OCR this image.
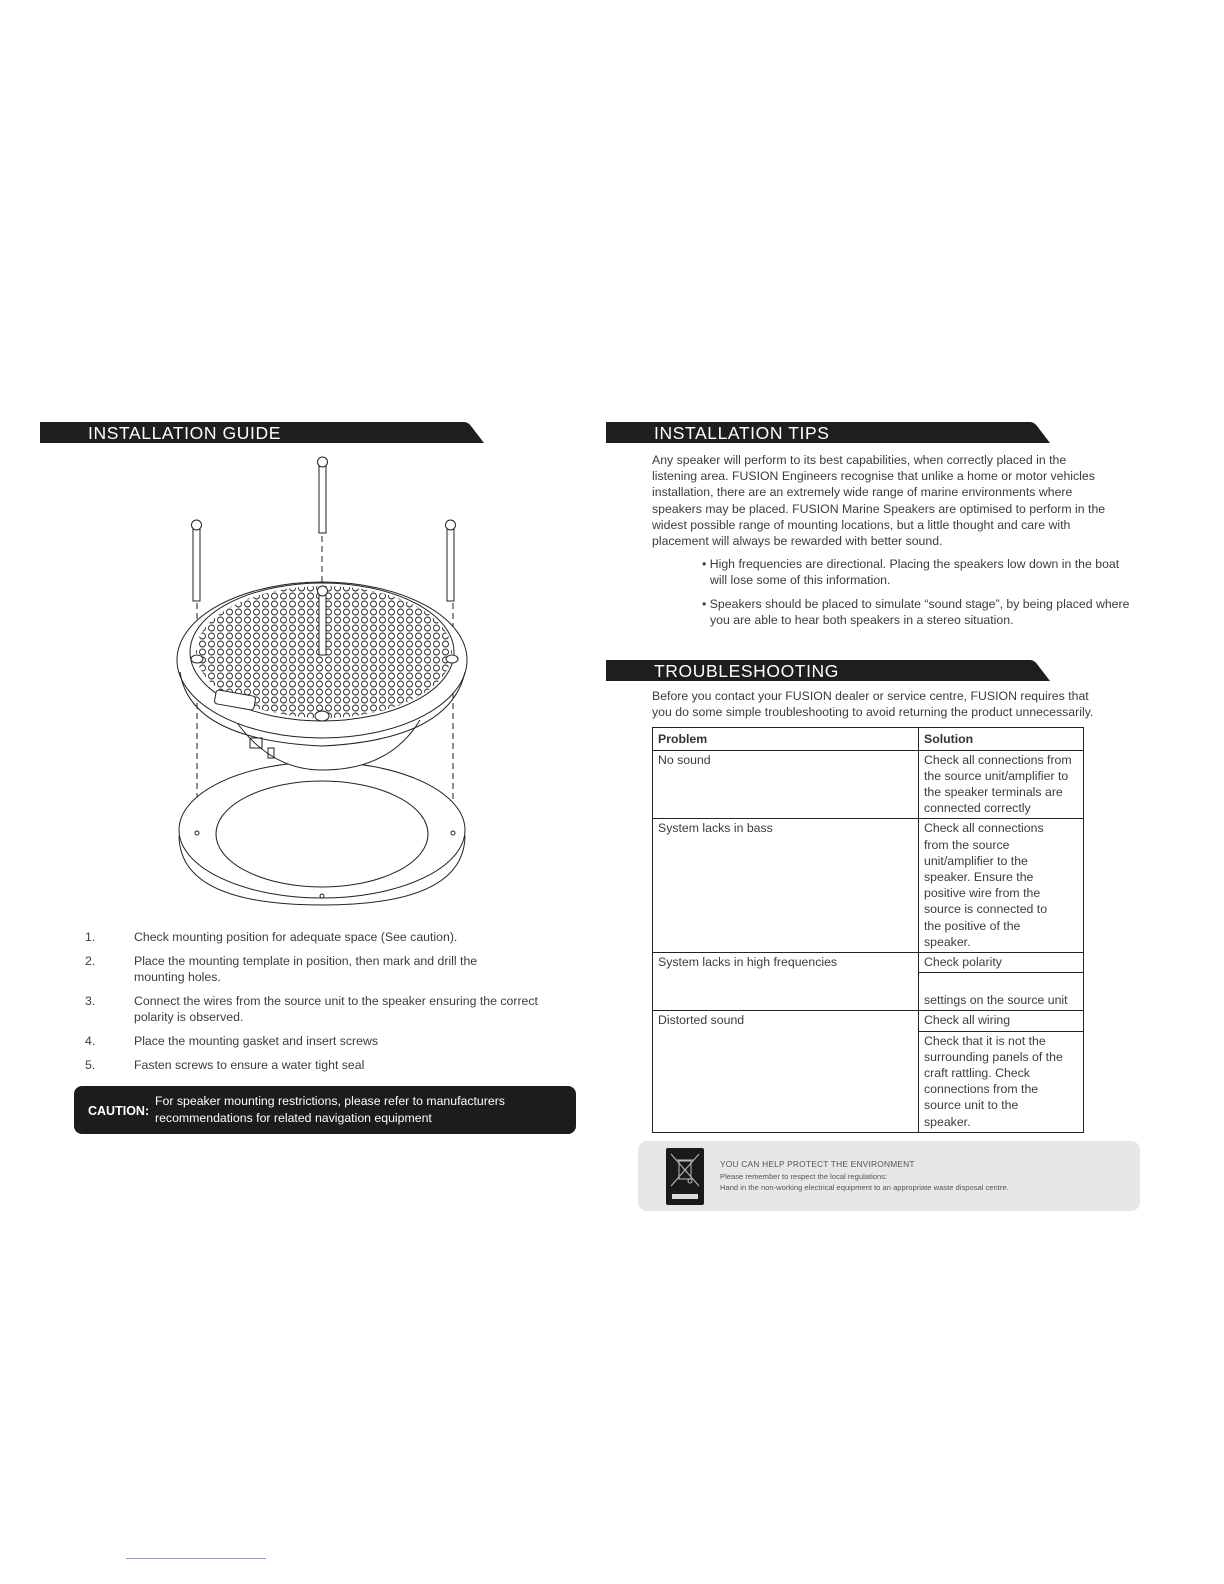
INSTALLATION GUIDE
1.	Check mounting position for adequate space (See caution).
2.	Place the mounting template in position, then mark and drill the mounting holes.
3.	Connect the wires from the source unit to the speaker ensuring the correct polarity is observed.
4.	Place the mounting gasket and insert screws
5.	Fasten screws to ensure a water tight seal
CAUTION:
For speaker mounting restrictions, please refer to manufacturers
recommendations for related navigation equipment
INSTALLATION TIPS
Any speaker will perform to its best capabilities, when correctly placed in the listening area. FUSION Engineers recognise that unlike a home or motor vehicles installation, there are an extremely wide range of marine environments where speakers may be placed. FUSION Marine Speakers are optimised to perform in the widest possible range of mounting locations, but a little thought and care with placement will always be rewarded with better sound.
• High frequencies are directional. Placing the speakers low down in the boat will lose some of this information.
• Speakers should be placed to simulate “sound stage”, by being placed where you are able to hear both speakers in a stereo situation.
TROUBLESHOOTING
Before you contact your FUSION dealer or service centre, FUSION requires that you do some simple troubleshooting to avoid returning the product unnecessarily.
Problem	Solution
No sound	Check all connections from the source unit/amplifier to the speaker terminals are connected correctly
System lacks in bass	Check all connections from the source unit/amplifier to the speaker. Ensure the positive wire from the source is connected to the positive of the speaker.
System lacks in high frequencies	Check polarity
	settings on the source unit
Distorted sound	Check all wiring
	Check that it is not the surrounding panels of the craft rattling. Check connections from the source unit to the speaker.
YOU CAN HELP PROTECT THE ENVIRONMENT
Please remember to respect the local regulations:
Hand in the non-working electrical equipment to an appropriate waste disposal centre.
